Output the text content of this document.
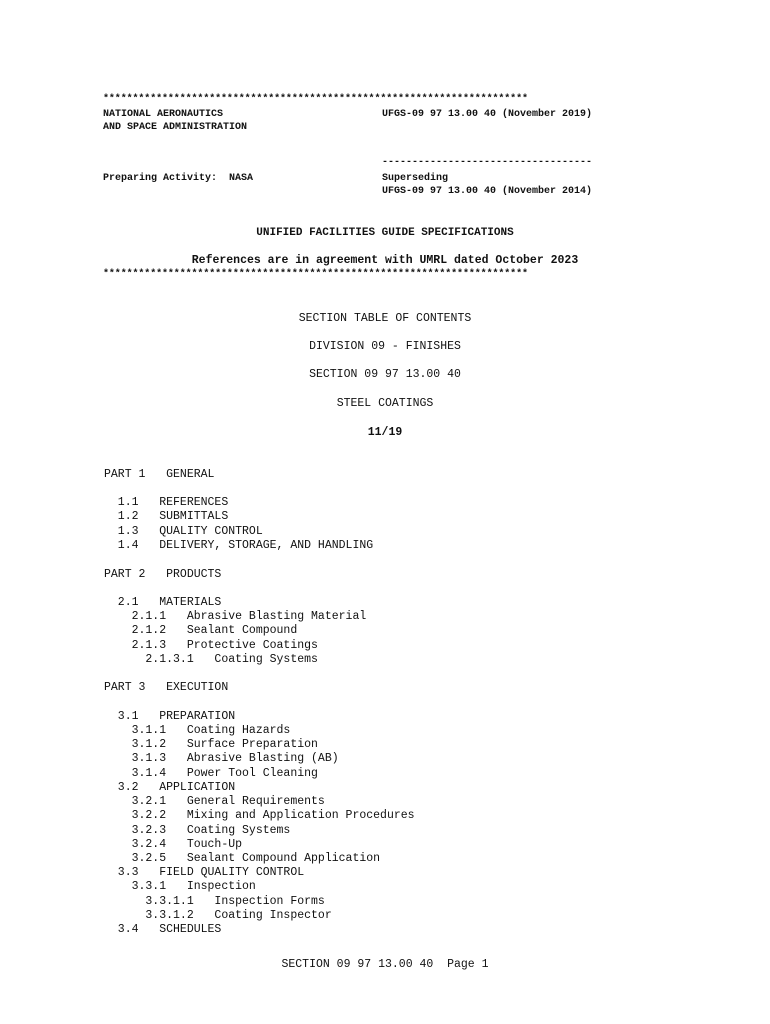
************************************************************************
NATIONAL AERONAUTICS
AND SPACE ADMINISTRATION
UFGS-09 97 13.00 40 (November 2019)
-----------------------------------
Preparing Activity:  NASA	Superseding
UFGS-09 97 13.00 40 (November 2014)
UNIFIED FACILITIES GUIDE SPECIFICATIONS
References are in agreement with UMRL dated October 2023
************************************************************************
SECTION TABLE OF CONTENTS
DIVISION 09 - FINISHES
SECTION 09 97 13.00 40
STEEL COATINGS
11/19
PART 1   GENERAL
1.1   REFERENCES
1.2   SUBMITTALS
1.3   QUALITY CONTROL
1.4   DELIVERY, STORAGE, AND HANDLING
PART 2   PRODUCTS
2.1   MATERIALS
2.1.1   Abrasive Blasting Material
2.1.2   Sealant Compound
2.1.3   Protective Coatings
2.1.3.1   Coating Systems
PART 3   EXECUTION
3.1   PREPARATION
3.1.1   Coating Hazards
3.1.2   Surface Preparation
3.1.3   Abrasive Blasting (AB)
3.1.4   Power Tool Cleaning
3.2   APPLICATION
3.2.1   General Requirements
3.2.2   Mixing and Application Procedures
3.2.3   Coating Systems
3.2.4   Touch-Up
3.2.5   Sealant Compound Application
3.3   FIELD QUALITY CONTROL
3.3.1   Inspection
3.3.1.1   Inspection Forms
3.3.1.2   Coating Inspector
3.4   SCHEDULES
SECTION 09 97 13.00 40  Page 1
